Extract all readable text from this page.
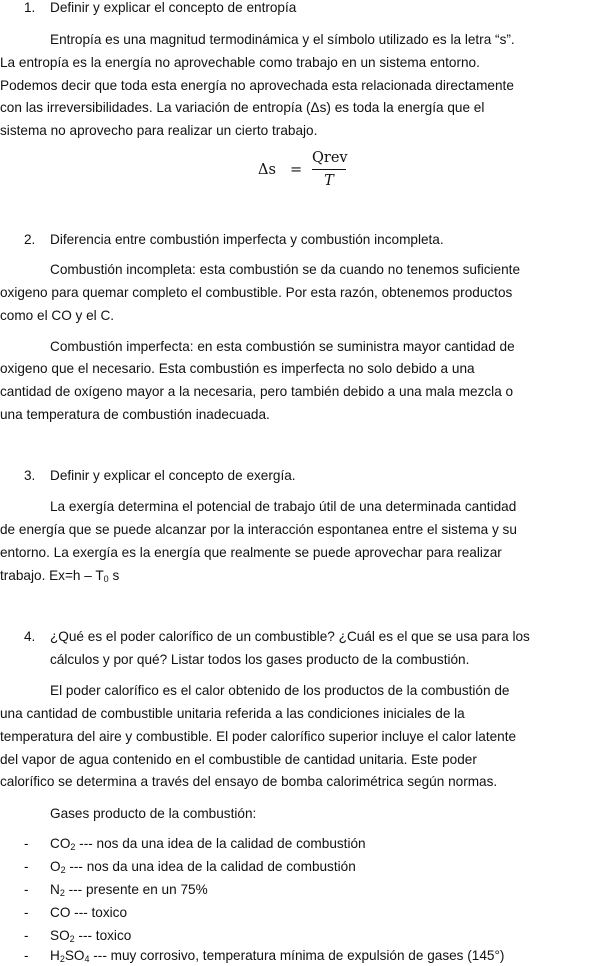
1. Definir y explicar el concepto de entropía
Entropía es una magnitud termodinámica y el símbolo utilizado es la letra “s”.
La entropía es la energía no aprovechable como trabajo en un sistema entorno.
Podemos decir que toda esta energía no aprovechada esta relacionada directamente
con las irreversibilidades. La variación de entropía (Δs) es toda la energía que el
sistema no aprovecho para realizar un cierto trabajo.
Δs =
Qrev
T
2. Diferencia entre combustión imperfecta y combustión incompleta.
Combustión incompleta: esta combustión se da cuando no tenemos suficiente
oxigeno para quemar completo el combustible. Por esta razón, obtenemos productos
como el CO y el C.
Combustión imperfecta: en esta combustión se suministra mayor cantidad de
oxigeno que el necesario. Esta combustión es imperfecta no solo debido a una
cantidad de oxígeno mayor a la necesaria, pero también debido a una mala mezcla o
una temperatura de combustión inadecuada.
3. Definir y explicar el concepto de exergía.
La exergía determina el potencial de trabajo útil de una determinada cantidad
de energía que se puede alcanzar por la interacción espontanea entre el sistema y su
entorno. La exergía es la energía que realmente se puede aprovechar para realizar
trabajo. $Ex=h - T_0$ s
4. ¿Qué es el poder calorífico de un combustible? ¿Cuál es el que se usa para los
cálculos y por qué? Listar todos los gases producto de la combustión.
El poder calorífico es el calor obtenido de los productos de la combustión de
una cantidad de combustible unitaria referida a las condiciones iniciales de la
temperatura del aire y combustible. El poder calorífico superior incluye el calor latente
del vapor de agua contenido en el combustible de cantidad unitaria. Este poder
calorífico se determina a través del ensayo de bomba calorimétrica según normas.
Gases producto de la combustión:
-	$CO_2$ --- nos da una idea de la calidad de combustión
-	$O_2$ --- nos da una idea de la calidad de combustión
-	$N_2$ --- presente en un 75%
-	CO --- toxico
-	$SO_2$ --- toxico
-	$H_2SO_4$ --- muy corrosivo, temperatura mínima de expulsión de gases (145°)
